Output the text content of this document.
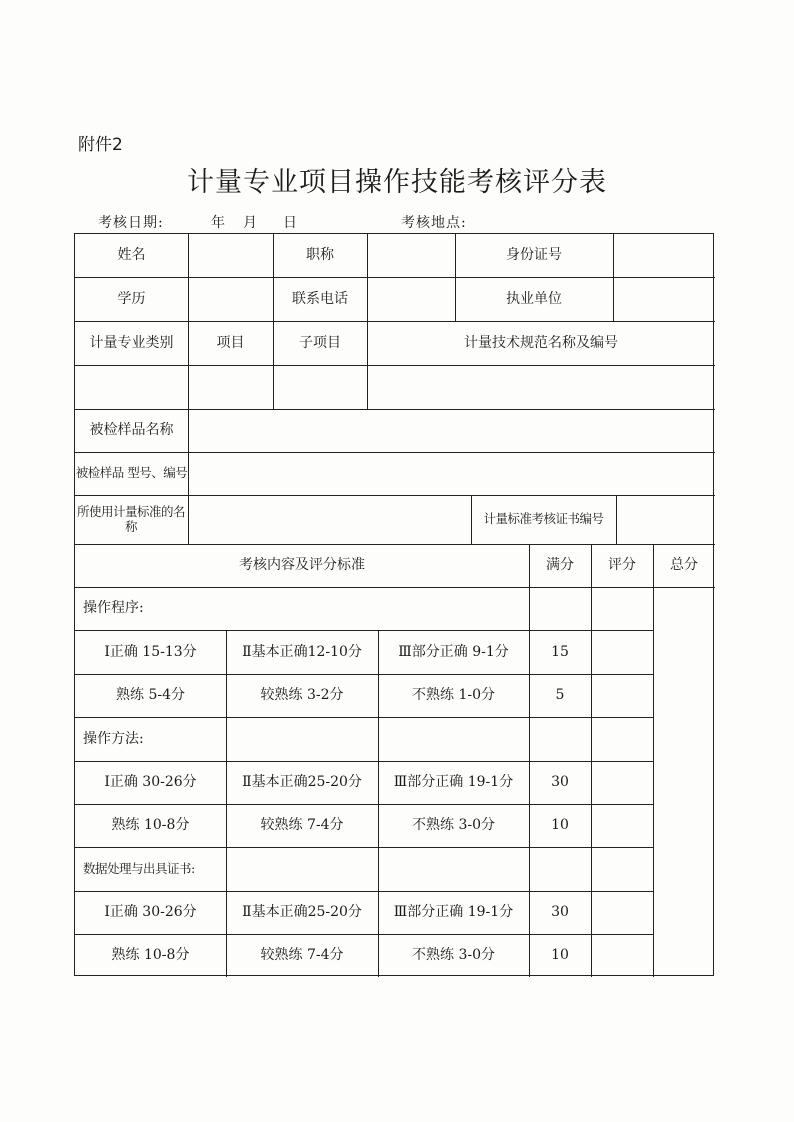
附件2
计量专业项目操作技能考核评分表
考核日期:	年 月 日	考核地点:
姓名	职称	身份证号
学历	联系电话	执业单位
计量专业类别	项目	子项目	计量技术规范名称及编号
被检样品名称
被检样品 型号、编号
所使用计量标准的名称	计量标准考核证书编号
考核内容及评分标准	满分	评分	总分
操作程序:
Ⅰ正确 15-13分	Ⅱ基本正确12-10分	Ⅲ部分正确 9-1分	15
熟练 5-4分	较熟练 3-2分	不熟练 1-0分	5
操作方法:
Ⅰ正确 30-26分	Ⅱ基本正确25-20分	Ⅲ部分正确 19-1分	30
熟练 10-8分	较熟练 7-4分	不熟练 3-0分	10
数据处理与出具证书:
Ⅰ正确 30-26分	Ⅱ基本正确25-20分	Ⅲ部分正确 19-1分	30
熟练 10-8分	较熟练 7-4分	不熟练 3-0分	10
